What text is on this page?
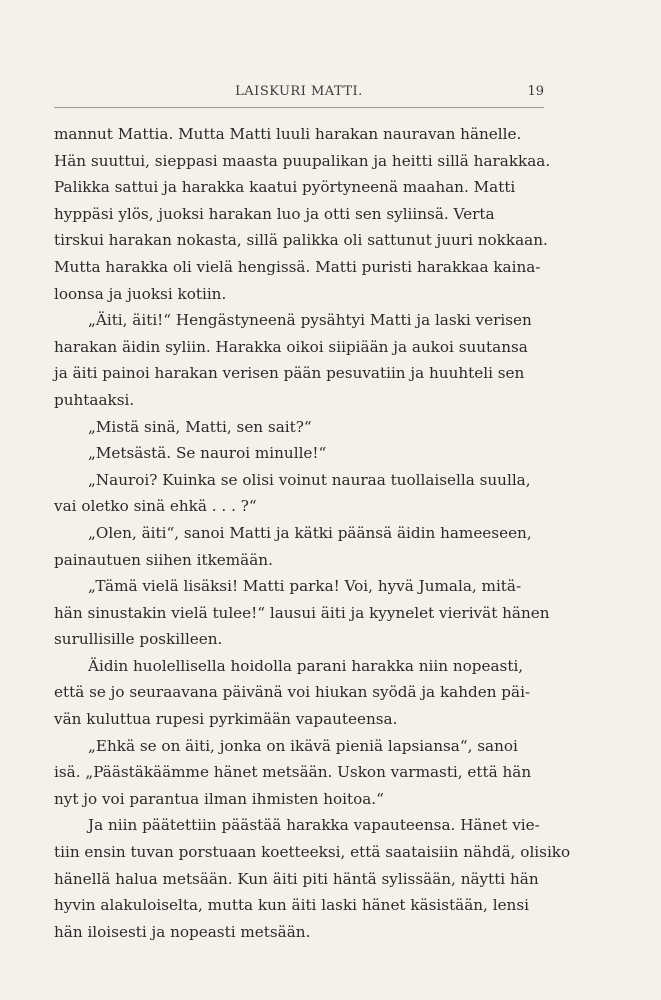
LAISKURI MATTI.	19
mannut Mattia. Mutta Matti luuli harakan nauravan hänelle.
Hän suuttui, sieppasi maasta puupalikan ja heitti sillä harakkaa.
Palikka sattui ja harakka kaatui pyörtyneenä maahan. Matti
hyppäsi ylös, juoksi harakan luo ja otti sen syliinsä. Verta
tirskui harakan nokasta, sillä palikka oli sattunut juuri nokkaan.
Mutta harakka oli vielä hengissä. Matti puristi harakkaa kaina-
loonsa ja juoksi kotiin.
„Äiti, äiti!“ Hengästyneenä pysähtyi Matti ja laski verisen
harakan äidin syliin. Harakka oikoi siipiään ja aukoi suutansa
ja äiti painoi harakan verisen pään pesuvatiin ja huuhteli sen
puhtaaksi.
„Mistä sinä, Matti, sen sait?“
„Metsästä. Se nauroi minulle!“
„Nauroi? Kuinka se olisi voinut nauraa tuollaisella suulla,
vai oletko sinä ehkä . . . ?“
„Olen, äiti“, sanoi Matti ja kätki päänsä äidin hameeseen,
painautuen siihen itkemään.
„Tämä vielä lisäksi! Matti parka! Voi, hyvä Jumala, mitä-
hän sinustakin vielä tulee!“ lausui äiti ja kyynelet vierivät hänen
surullisille poskilleen.
Äidin huolellisella hoidolla parani harakka niin nopeasti,
että se jo seuraavana päivänä voi hiukan syödä ja kahden päi-
vän kuluttua rupesi pyrkimään vapauteensa.
„Ehkä se on äiti, jonka on ikävä pieniä lapsiansa“, sanoi
isä. „Päästäkäämme hänet metsään. Uskon varmasti, että hän
nyt jo voi parantua ilman ihmisten hoitoa.“
Ja niin päätettiin päästää harakka vapauteensa. Hänet vie-
tiin ensin tuvan porstuaan koetteeksi, että saataisiin nähdä, olisiko
hänellä halua metsään. Kun äiti piti häntä sylissään, näytti hän
hyvin alakuloiselta, mutta kun äiti laski hänet käsistään, lensi
hän iloisesti ja nopeasti metsään.
